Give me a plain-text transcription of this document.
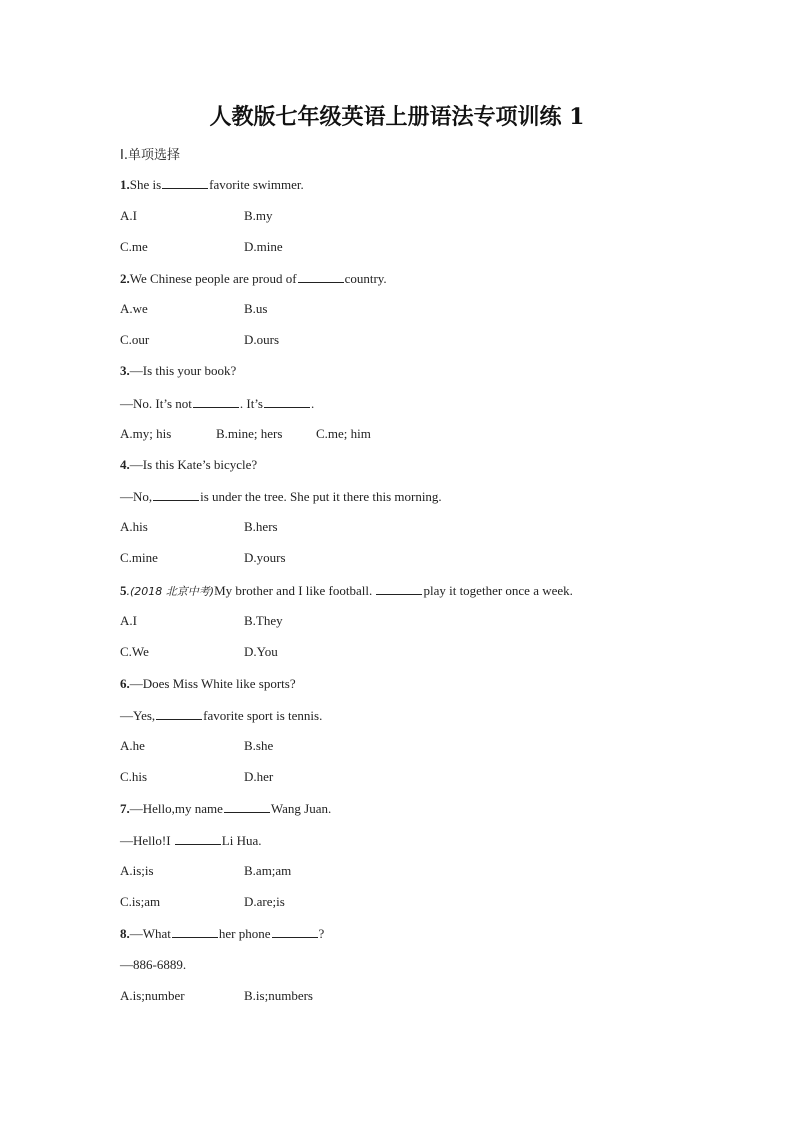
人教版七年级英语上册语法专项训练 1
Ⅰ.单项选择
1.She is	favorite swimmer.
A.I	B.my
C.me	D.mine
2.We Chinese people are proud of	country.
A.we	B.us
C.our	D.ours
3.—Is this your book?
—No. It’s not	. It’s	.
A.my; his	B.mine; hers	C.me; him
4.—Is this Kate’s bicycle?
—No,	is under the tree. She put it there this morning.
A.his	B.hers
C.mine	D.yours
5.(2018 北京中考)My brother and I like football.	play it together once a week.
A.I	B.They
C.We	D.You
6.—Does Miss White like sports?
—Yes,	favorite sport is tennis.
A.he	B.she
C.his	D.her
7.—Hello,my name	Wang Juan.
—Hello!I	Li Hua.
A.is;is	B.am;am
C.is;am	D.are;is
8.—What	her phone	?
—886-6889.
A.is;number	B.is;numbers
